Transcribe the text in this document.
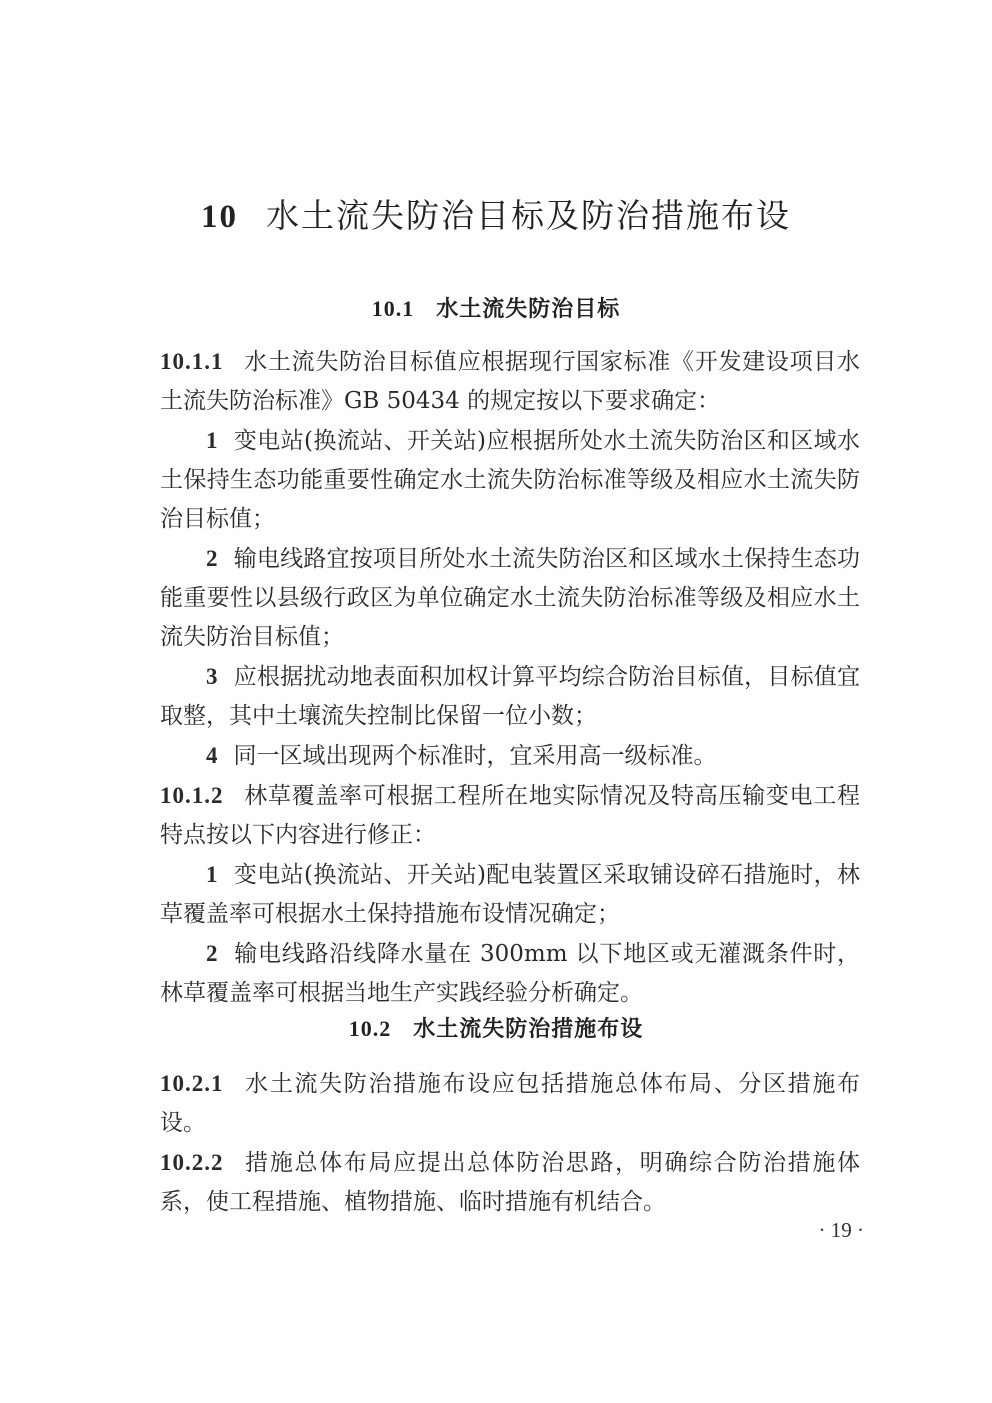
10 水土流失防治目标及防治措施布设
10.1 水土流失防治目标

10.1.1 水土流失防治目标值应根据现行国家标准《开发建设项目水土流失防治标准》GB 50434 的规定按以下要求确定：

1 变电站(换流站、开关站)应根据所处水土流失防治区和区域水土保持生态功能重要性确定水土流失防治标准等级及相应水土流失防治目标值；

2 输电线路宜按项目所处水土流失防治区和区域水土保持生态功能重要性以县级行政区为单位确定水土流失防治标准等级及相应水土流失防治目标值；

3 应根据扰动地表面积加权计算平均综合防治目标值，目标值宜取整，其中土壤流失控制比保留一位小数；

4 同一区域出现两个标准时，宜采用高一级标准。

10.1.2 林草覆盖率可根据工程所在地实际情况及特高压输变电工程特点按以下内容进行修正：

1 变电站(换流站、开关站)配电装置区采取铺设碎石措施时，林草覆盖率可根据水土保持措施布设情况确定；

2 输电线路沿线降水量在 300mm 以下地区或无灌溉条件时，林草覆盖率可根据当地生产实践经验分析确定。

10.2 水土流失防治措施布设

10.2.1 水土流失防治措施布设应包括措施总体布局、分区措施布设。

10.2.2 措施总体布局应提出总体防治思路，明确综合防治措施体系，使工程措施、植物措施、临时措施有机结合。

· 19 ·
